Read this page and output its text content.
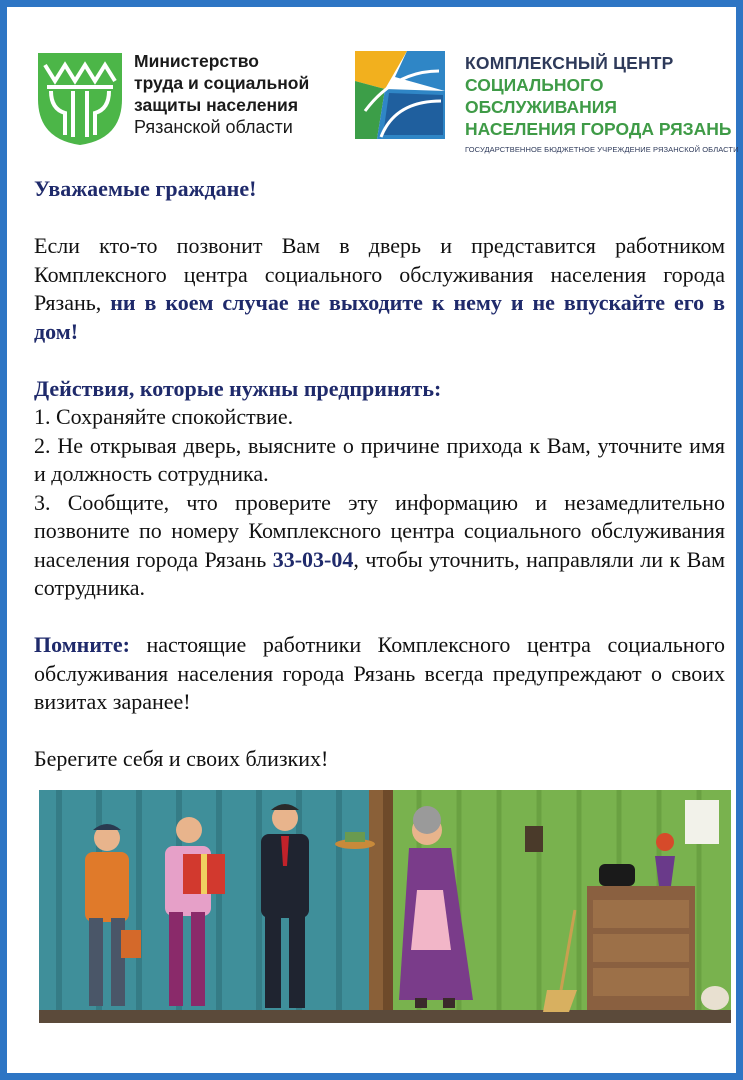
Министерство
труда и социальной
защиты населения
Рязанской области
КОМПЛЕКСНЫЙ ЦЕНТР
СОЦИАЛЬНОГО ОБСЛУЖИВАНИЯ
НАСЕЛЕНИЯ ГОРОДА РЯЗАНЬ
ГОСУДАРСТВЕННОЕ БЮДЖЕТНОЕ УЧРЕЖДЕНИЕ РЯЗАНСКОЙ ОБЛАСТИ

Уважаемые граждане!

Если кто-то позвонит Вам в дверь и представится работником Комплексного центра социального обслуживания населения города Рязань, ни в коем случае не выходите к нему и не впускайте его в дом!

Действия, которые нужны предпринять:

1. Сохраняйте спокойствие.

2. Не открывая дверь, выясните о причине прихода к Вам, уточните имя и должность сотрудника.

3. Сообщите, что проверите эту информацию и незамедлительно позвоните по номеру Комплексного центра социального обслуживания населения города Рязань 33-03-04, чтобы уточнить, направляли ли к Вам сотрудника.

Помните: настоящие работники Комплексного центра социального обслуживания населения города Рязань всегда предупреждают о своих визитах заранее!

Берегите себя и своих близких!
